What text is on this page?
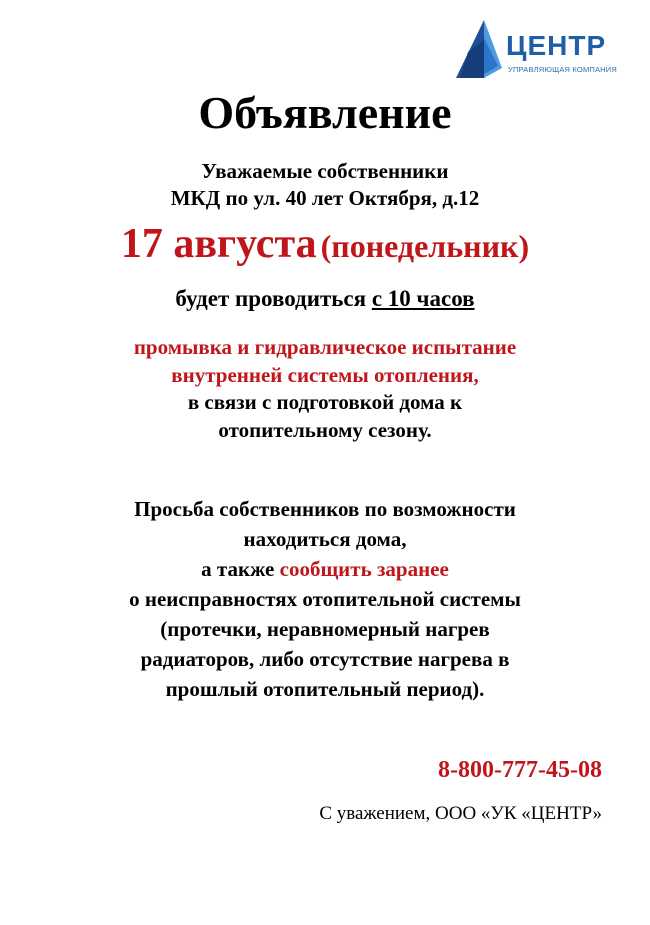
ЦЕНТР
УПРАВЛЯЮЩАЯ КОМПАНИЯ
Объявление
Уважаемые собственники
МКД по ул. 40 лет Октября, д.12
17 августа (понедельник)
будет проводиться с 10 часов
промывка и гидравлическое испытание
внутренней системы отопления,
в связи с подготовкой дома к
отопительному сезону.
Просьба собственников по возможности
находиться дома,
а также сообщить заранее
о неисправностях отопительной системы
(протечки, неравномерный нагрев
радиаторов, либо отсутствие нагрева в
прошлый отопительный период).
8-800-777-45-08
С уважением, ООО «УК «ЦЕНТР»
